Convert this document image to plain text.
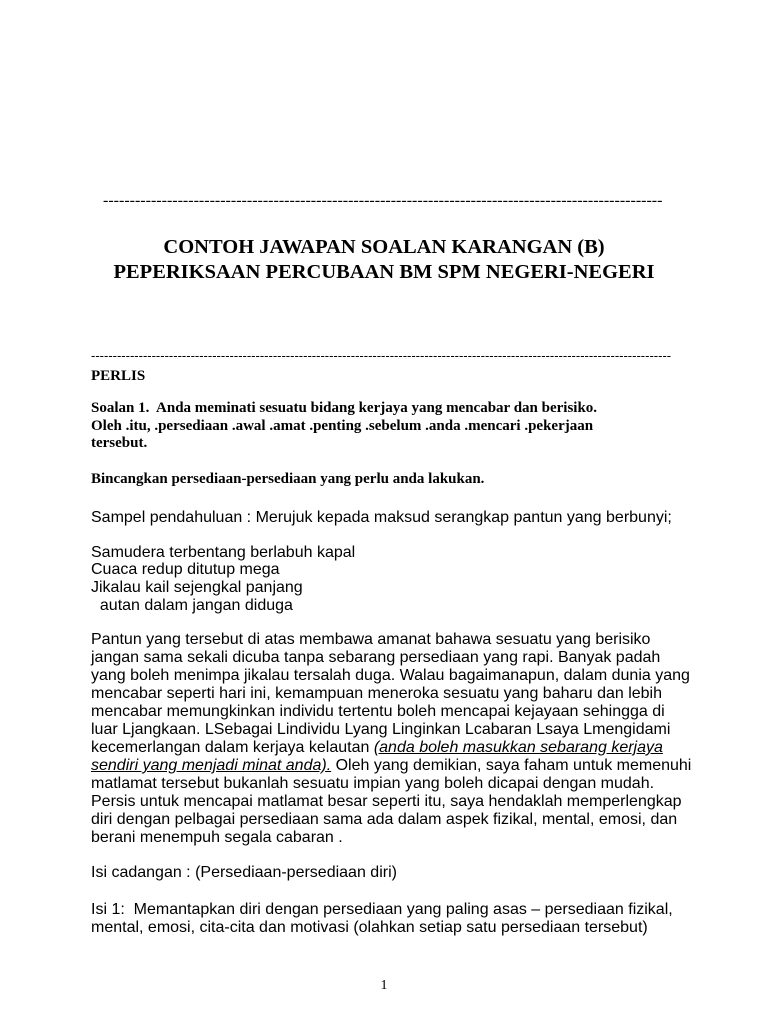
---------------------------------------------------------------------------------------------------------
CONTOH JAWAPAN SOALAN KARANGAN (B)
PEPERIKSAAN PERCUBAAN BM SPM NEGERI-NEGERI
--------------------------------------------------------------------------------------------------------------------------------------
PERLIS
Soalan 1.  Anda meminati sesuatu bidang kerjaya yang mencabar dan berisiko.
Oleh .itu, .persediaan .awal .amat .penting .sebelum .anda .mencari .pekerjaan
tersebut.
Bincangkan persediaan-persediaan yang perlu anda lakukan.
Sampel pendahuluan : Merujuk kepada maksud serangkap pantun yang berbunyi;
Samudera terbentang berlabuh kapal
Cuaca redup ditutup mega
Jikalau kail sejengkal panjang
autan dalam jangan diduga
Pantun yang tersebut di atas membawa amanat bahawa sesuatu yang berisiko
jangan sama sekali dicuba tanpa sebarang persediaan yang rapi. Banyak padah
yang boleh menimpa jikalau tersalah duga. Walau bagaimanapun, dalam dunia yang
mencabar seperti hari ini, kemampuan meneroka sesuatu yang baharu dan lebih
mencabar memungkinkan individu tertentu boleh mencapai kejayaan sehingga di
luar Ljangkaan. LSebagai Lindividu Lyang Linginkan Lcabaran Lsaya Lmengidami
kecemerlangan dalam kerjaya kelautan (anda boleh masukkan sebarang kerjaya
sendiri yang menjadi minat anda). Oleh yang demikian, saya faham untuk memenuhi
matlamat tersebut bukanlah sesuatu impian yang boleh dicapai dengan mudah.
Persis untuk mencapai matlamat besar seperti itu, saya hendaklah memperlengkap
diri dengan pelbagai persediaan sama ada dalam aspek fizikal, mental, emosi, dan
berani menempuh segala cabaran .
Isi cadangan : (Persediaan-persediaan diri)
Isi 1:  Memantapkan diri dengan persediaan yang paling asas – persediaan fizikal,
mental, emosi, cita-cita dan motivasi (olahkan setiap satu persediaan tersebut)
1
